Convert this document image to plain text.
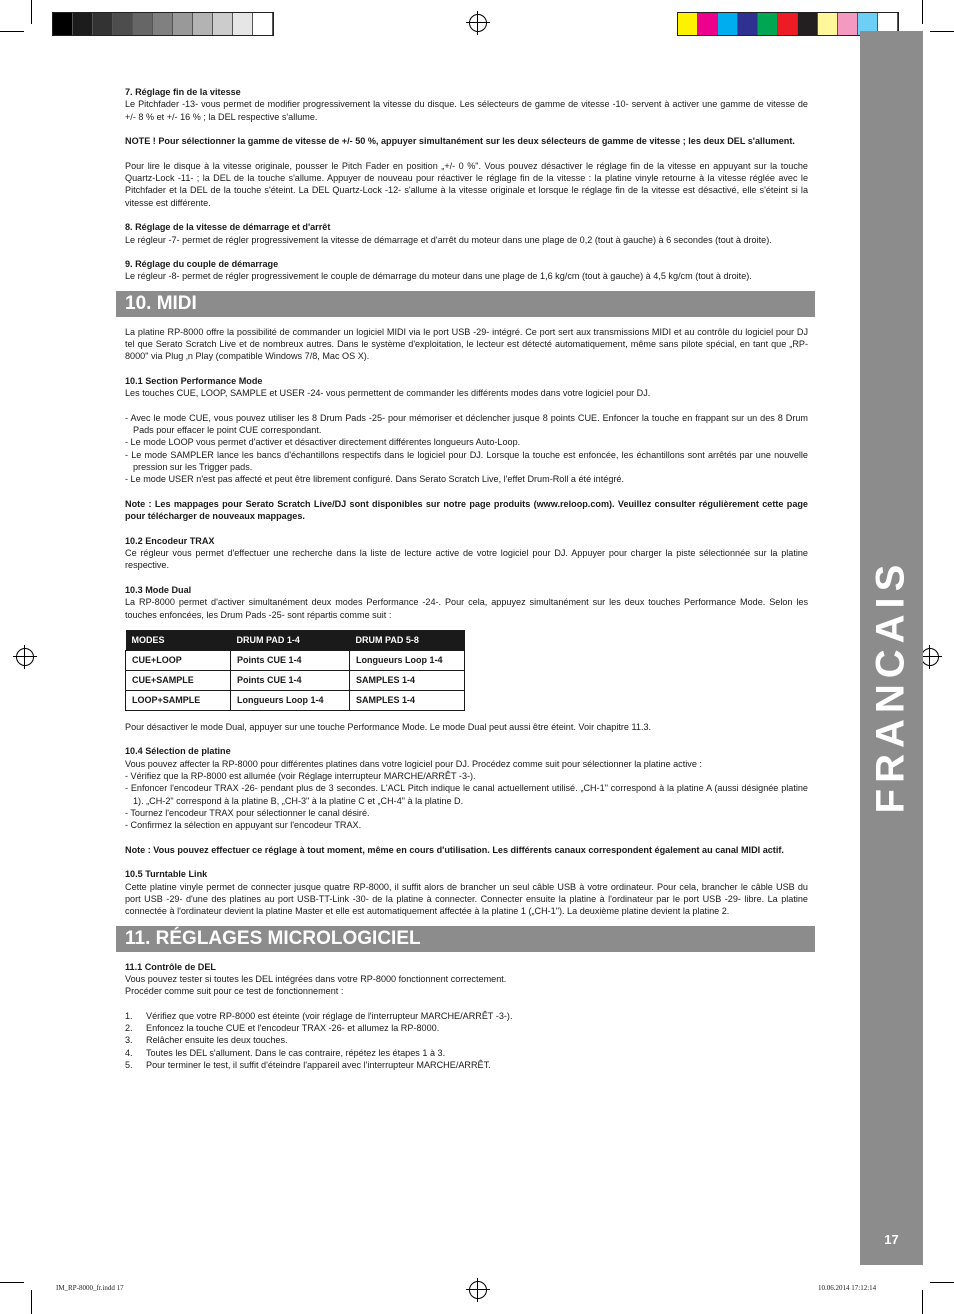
FRANCAIS
17

7. Réglage fin de la vitesse

Le Pitchfader -13- vous permet de modifier progressivement la vitesse du disque. Les sélecteurs de gamme de vitesse -10- servent à activer une gamme de vitesse de +/- 8 % et +/- 16 % ; la DEL respective s'allume.

NOTE ! Pour sélectionner la gamme de vitesse de +/- 50 %, appuyer simultanément sur les deux sélecteurs de gamme de vitesse ; les deux DEL s'allument.

Pour lire le disque à la vitesse originale, pousser le Pitch Fader en position „+/- 0 %". Vous pouvez désactiver le réglage fin de la vitesse en appuyant sur la touche Quartz-Lock -11- ; la DEL de la touche s'allume. Appuyer de nouveau pour réactiver le réglage fin de la vitesse : la platine vinyle retourne à la vitesse réglée avec le Pitchfader et la DEL de la touche s'éteint. La DEL Quartz-Lock -12- s'allume à la vitesse originale et lorsque le réglage fin de la vitesse est désactivé, elle s'éteint si la vitesse est différente.

8. Réglage de la vitesse de démarrage et d'arrêt

Le régleur -7- permet de régler progressivement la vitesse de démarrage et d'arrêt du moteur dans une plage de 0,2 (tout à gauche) à 6 secondes (tout à droite).

9. Réglage du couple de démarrage

Le régleur -8- permet de régler progressivement le couple de démarrage du moteur dans une plage de 1,6 kg/cm (tout à gauche) à 4,5 kg/cm (tout à droite).

10. MIDI

La platine RP-8000 offre la possibilité de commander un logiciel MIDI via le port USB -29- intégré. Ce port sert aux transmissions MIDI et au contrôle du logiciel pour DJ tel que Serato Scratch Live et de nombreux autres. Dans le système d'exploitation, le lecteur est détecté automatiquement, même sans pilote spécial, en tant que „RP-8000" via Plug ‚n Play (compatible Windows 7/8, Mac OS X).

10.1 Section Performance Mode

Les touches CUE, LOOP, SAMPLE et USER -24- vous permettent de commander les différents modes dans votre logiciel pour DJ.

- Avec le mode CUE, vous pouvez utiliser les 8 Drum Pads -25- pour mémoriser et déclencher jusque 8 points CUE. Enfoncer la touche en frappant sur un des 8 Drum Pads pour effacer le point CUE correspondant.

- Le mode LOOP vous permet d'activer et désactiver directement différentes longueurs Auto-Loop.

- Le mode SAMPLER lance les bancs d'échantillons respectifs dans le logiciel pour DJ. Lorsque la touche est enfoncée, les échantillons sont arrêtés par une nouvelle pression sur les Trigger pads.

- Le mode USER n'est pas affecté et peut être librement configuré. Dans Serato Scratch Live, l'effet Drum-Roll a été intégré.

Note : Les mappages pour Serato Scratch Live/DJ sont disponibles sur notre page produits (www.reloop.com). Veuillez consulter régulièrement cette page pour télécharger de nouveaux mappages.

10.2 Encodeur TRAX

Ce régleur vous permet d'effectuer une recherche dans la liste de lecture active de votre logiciel pour DJ. Appuyer pour charger la piste sélectionnée sur la platine respective.

10.3 Mode Dual

La RP-8000 permet d'activer simultanément deux modes Performance -24-. Pour cela, appuyez simultanément sur les deux touches Performance Mode. Selon les touches enfoncées, les Drum Pads -25- sont répartis comme suit :

MODES	DRUM PAD 1-4	DRUM PAD 5-8
CUE+LOOP	Points CUE 1-4	Longueurs Loop 1-4
CUE+SAMPLE	Points CUE 1-4	SAMPLES 1-4
LOOP+SAMPLE	Longueurs Loop 1-4	SAMPLES 1-4

Pour désactiver le mode Dual, appuyer sur une touche Performance Mode. Le mode Dual peut aussi être éteint. Voir chapitre 11.3.

10.4 Sélection de platine

Vous pouvez affecter la RP-8000 pour différentes platines dans votre logiciel pour DJ. Procédez comme suit pour sélectionner la platine active :

- Vérifiez que la RP-8000 est allumée (voir Réglage interrupteur MARCHE/ARRÊT -3-).

- Enfoncer l'encodeur TRAX -26- pendant plus de 3 secondes. L'ACL Pitch indique le canal actuellement utilisé. „CH-1" correspond à la platine A (aussi désignée platine 1). „CH-2" correspond à la platine B, „CH-3" à la platine C et „CH-4" à la platine D.

- Tournez l'encodeur TRAX pour sélectionner le canal désiré.

- Confirmez la sélection en appuyant sur l'encodeur TRAX.

Note : Vous pouvez effectuer ce réglage à tout moment, même en cours d'utilisation. Les différents canaux correspondent également au canal MIDI actif.

10.5 Turntable Link

Cette platine vinyle permet de connecter jusque quatre RP-8000, il suffit alors de brancher un seul câble USB à votre ordinateur. Pour cela, brancher le câble USB du port USB -29- d'une des platines au port USB-TT-Link -30- de la platine à connecter. Connecter ensuite la platine à l'ordinateur par le port USB -29- libre. La platine connectée à l'ordinateur devient la platine Master et elle est automatiquement affectée à la platine 1 („CH-1"). La deuxième platine devient la platine 2.

11. RÉGLAGES MICROLOGICIEL

11.1 Contrôle de DEL

Vous pouvez tester si toutes les DEL intégrées dans votre RP-8000 fonctionnent correctement.

Procéder comme suit pour ce test de fonctionnement :

1.	Vérifiez que votre RP-8000 est éteinte (voir réglage de l'interrupteur MARCHE/ARRÊT -3-).
2.	Enfoncez la touche CUE et l'encodeur TRAX -26- et allumez la RP-8000.
3.	Relâcher ensuite les deux touches.
4.	Toutes les DEL s'allument. Dans le cas contraire, répétez les étapes 1 à 3.
5.	Pour terminer le test, il suffit d'éteindre l'appareil avec l'interrupteur MARCHE/ARRÊT.
IM_RP-8000_fr.indd 17	10.06.2014 17:12:14
